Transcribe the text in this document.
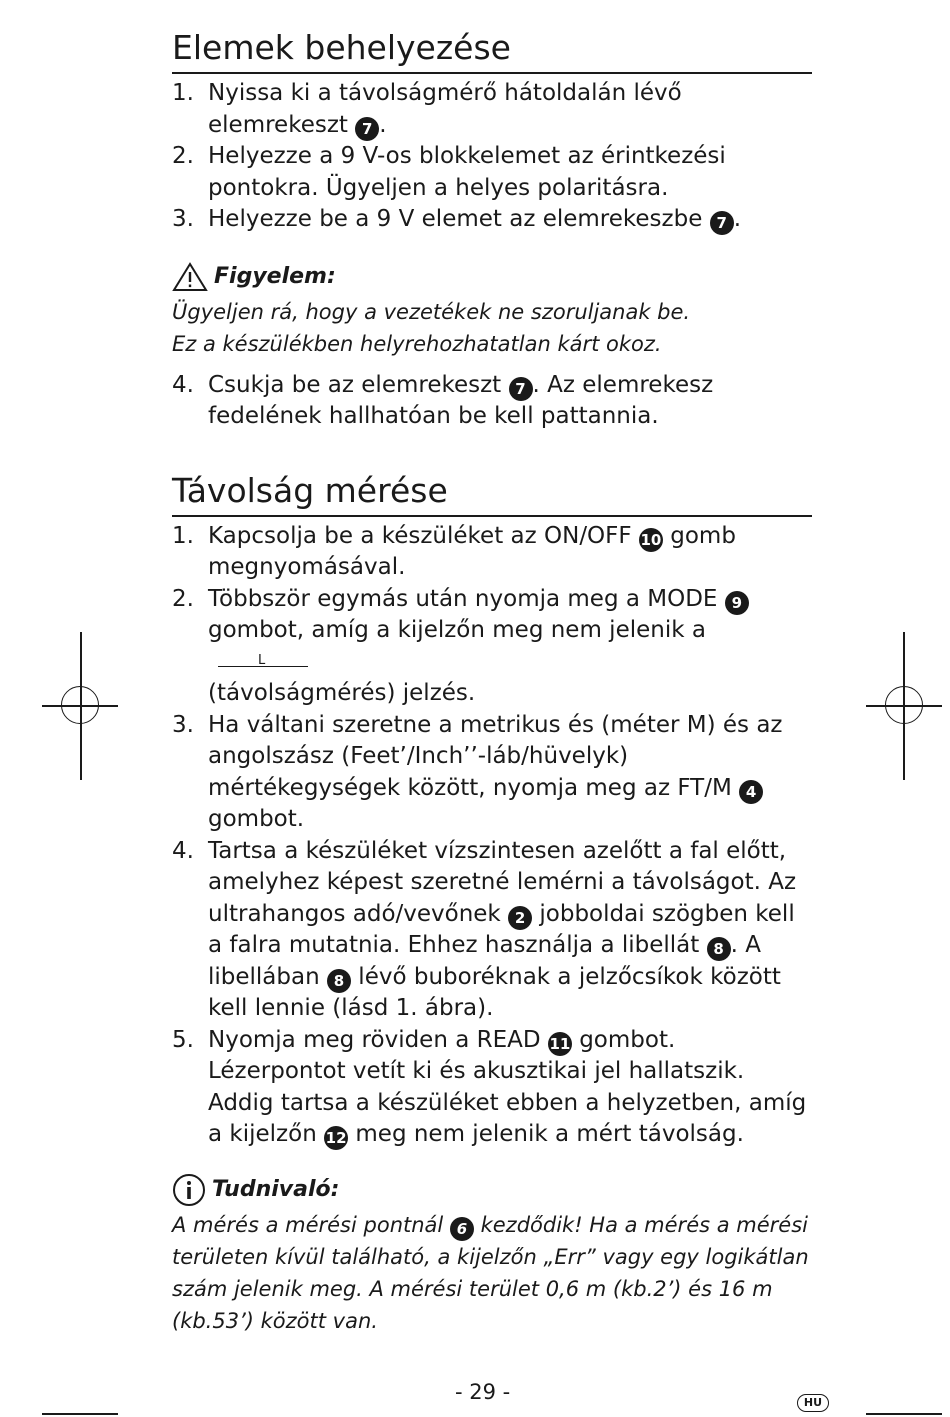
Elemek behelyezése
1. Nyissa ki a távolságmérő hátoldalán lévő elemrekeszt 7 .
2. Helyezze a 9 V-os blokkelemet az érintkezési pontokra. Ügyeljen a helyes polaritásra.
3. Helyezze be a 9 V elemet az elemrekeszbe 7 .
Figyelem:
Ügyeljen rá, hogy a vezetékek ne szoruljanak be.
Ez a készülékben helyrehozhatatlan kárt okoz.
4. Csukja be az elemrekeszt 7 . Az elemrekesz fedelének hallhatóan be kell pattannia.
Távolság mérése
1. Kapcsolja be a készüléket az ON/OFF 10 gomb megnyomásával.
2. Többször egymás után nyomja meg a MODE 9 gombot, amíg a kijelzőn meg nem jelenik a
L

(távolságmérés) jelzés.
3. Ha váltani szeretne a metrikus és (méter M) és az angolszász (Feet’/Inch’’-láb/hüvelyk) mértékegységek között, nyomja meg az FT/M 4 gombot.
4. Tartsa a készüléket vízszintesen azelőtt a fal előtt, amelyhez képest szeretné lemérni a távolságot. Az ultrahangos adó/vevőnek 2 jobboldai szögben kell a falra mutatnia. Ehhez használja a libellát 8 . A libellában 8 lévő buboréknak a jelzőcsíkok között kell lennie (lásd 1. ábra).
5. Nyomja meg röviden a READ 11 gombot. Lézerpontot vetít ki és akusztikai jel hallatszik. Addig tartsa a készüléket ebben a helyzetben, amíg a kijelzőn 12 meg nem jelenik a mért távolság.
Tudnivaló:
A mérés a mérési pontnál 6 kezdődik! Ha a mérés a mérési területen kívül található, a kijelzőn „Err” vagy egy logikátlan szám jelenik meg. A mérési terület 0,6 m (kb.2’) és 16 m (kb.53’) között van.
- 29 -	HU
